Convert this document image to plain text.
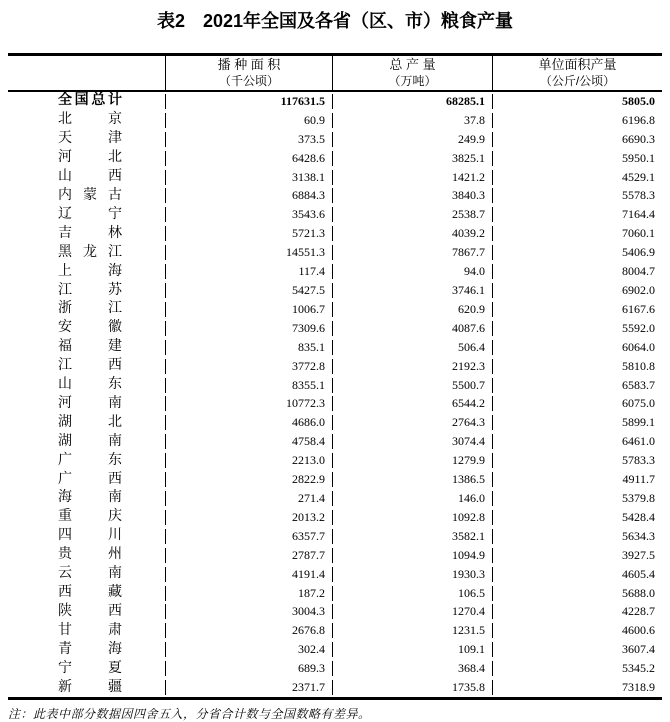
表2　2021年全国及各省（区、市）粮食产量
播 种 面 积
（千公顷）
总 产 量
（万吨）
单位面积产量
（公斤/公顷）
全 国 总 计	117631.5	68285.1	5805.0
北	京	60.9	37.8	6196.8
天	津	373.5	249.9	6690.3
河	北	6428.6	3825.1	5950.1
山	西	3138.1	1421.2	4529.1
内 蒙 古	6884.3	3840.3	5578.3
辽	宁	3543.6	2538.7	7164.4
吉	林	5721.3	4039.2	7060.1
黑 龙 江	14551.3	7867.7	5406.9
上	海	117.4	94.0	8004.7
江	苏	5427.5	3746.1	6902.0
浙	江	1006.7	620.9	6167.6
安	徽	7309.6	4087.6	5592.0
福	建	835.1	506.4	6064.0
江	西	3772.8	2192.3	5810.8
山	东	8355.1	5500.7	6583.7
河	南	10772.3	6544.2	6075.0
湖	北	4686.0	2764.3	5899.1
湖	南	4758.4	3074.4	6461.0
广	东	2213.0	1279.9	5783.3
广	西	2822.9	1386.5	4911.7
海	南	271.4	146.0	5379.8
重	庆	2013.2	1092.8	5428.4
四	川	6357.7	3582.1	5634.3
贵	州	2787.7	1094.9	3927.5
云	南	4191.4	1930.3	4605.4
西	藏	187.2	106.5	5688.0
陕	西	3004.3	1270.4	4228.7
甘	肃	2676.8	1231.5	4600.6
青	海	302.4	109.1	3607.4
宁	夏	689.3	368.4	5345.2
新	疆	2371.7	1735.8	7318.9
注：此表中部分数据因四舍五入，分省合计数与全国数略有差异。
